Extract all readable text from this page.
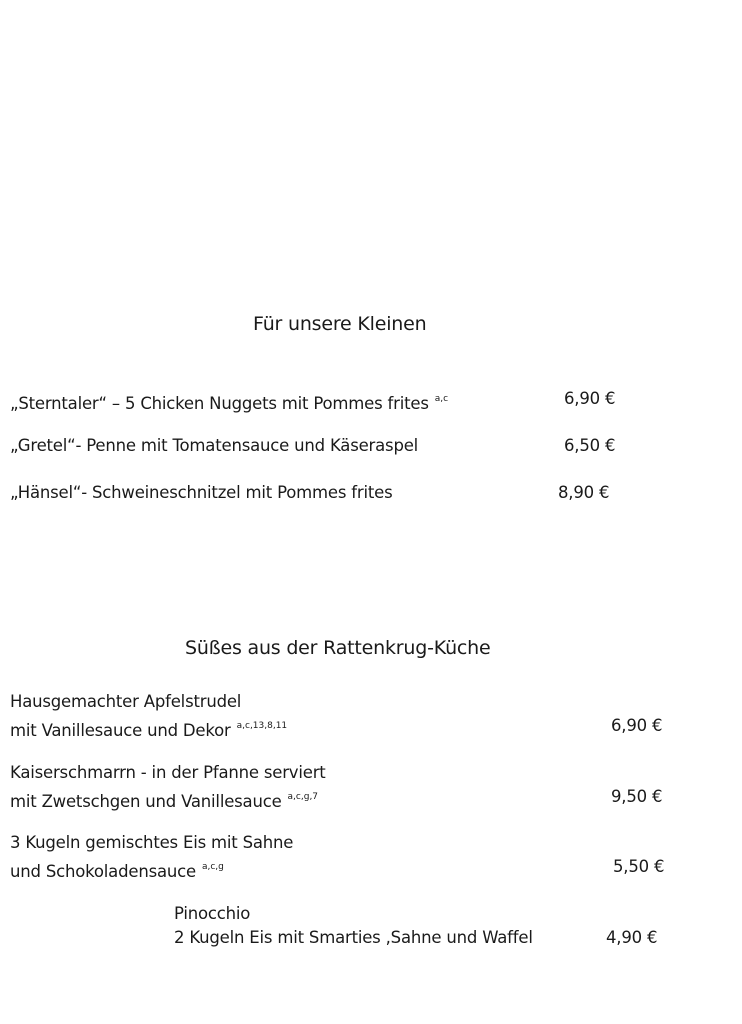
Für unsere Kleinen
„Sterntaler“ – 5 Chicken Nuggets mit Pommes frites $^{a,c}$	6,90 €
„Gretel“- Penne mit Tomatensauce und Käseraspel	6,50 €
„Hänsel“- Schweineschnitzel mit Pommes frites	8,90 €
Süßes aus der Rattenkrug-Küche
Hausgemachter Apfelstrudel
mit Vanillesauce und Dekor $^{a,c,13,8,11}$	6,90 €
Kaiserschmarrn - in der Pfanne serviert
mit Zwetschgen und Vanillesauce $^{a,c,g,7}$	9,50 €
3 Kugeln gemischtes Eis mit Sahne
und Schokoladensauce $^{a,c,g}$	5,50 €
Pinocchio
2 Kugeln Eis mit Smarties ,Sahne und Waffel	4,90 €
